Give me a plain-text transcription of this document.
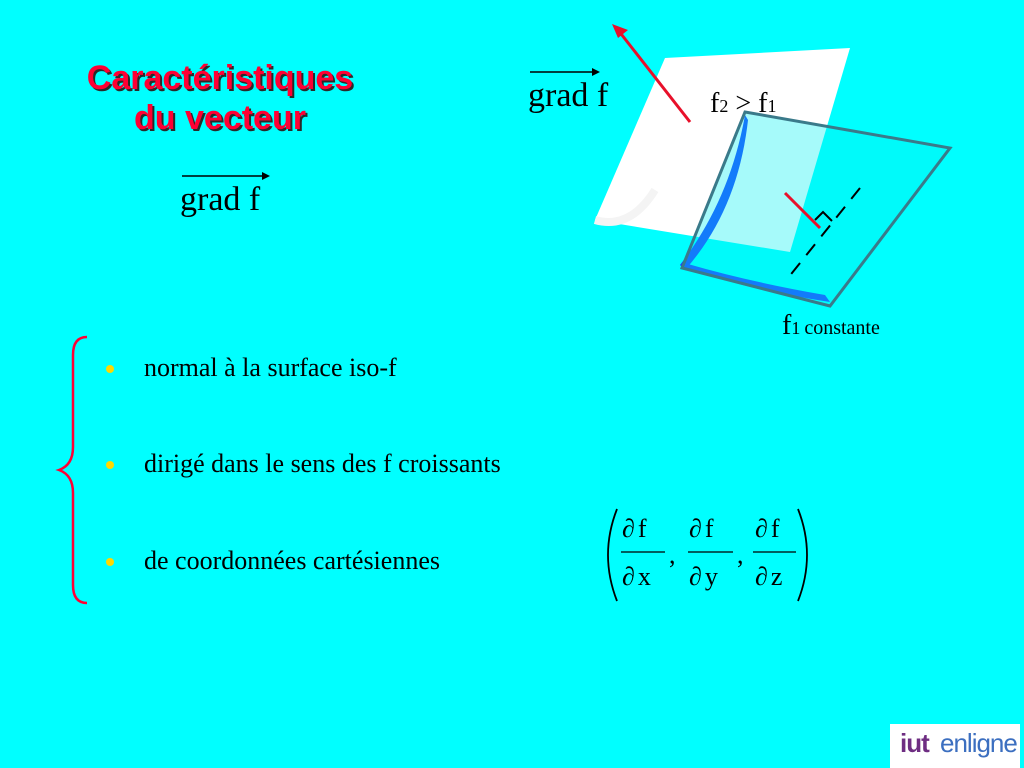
Caractéristiques
du vecteur
grad f
grad f	f2 > f1
f1 constante
normal à la surface iso-f
dirigé dans le sens des f croissants
de coordonnées cartésiennes
∂ f
∂ x
,
∂ f
∂ y
,
∂ f
∂ z
iut enligne
